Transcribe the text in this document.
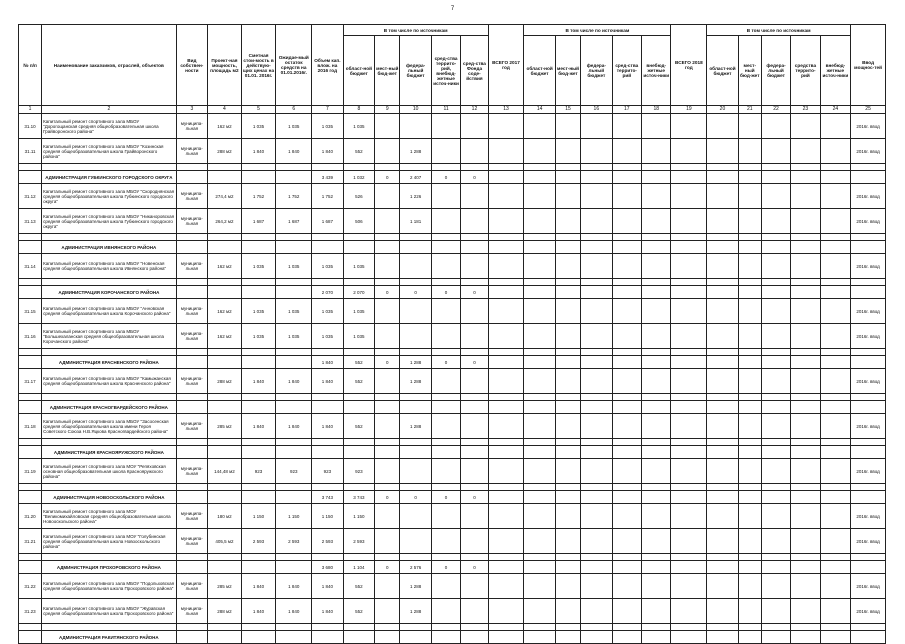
7
№ п/п	Наименование заказчиков, отраслей, объектов	Вид собствен-ности	Проект-ная мощность, площадь м2	Сметная стои-мость в действую-щих ценах на 01.01. 2016г.	Ожидае-мый остаток средств на 01.01.2016г.	Объем кап. влож. на 2016 год	В том числе по источникам					ВСЕГО 2017 год	В том числе по источникам					ВСЕГО 2018 год	В том числе по источникам					Ввод мощнос-тей
							област-ной бюджет	мест-ный бюд-жет	федера-льный бюджет	сред-ства террито-рий, внебюд-жетные источ-ники	сред-ства Фонда соде-йствия		област-ной бюджет	мест-ный бюд-жет	федера-льный бюджет	сред-ства террито-рий	внебюд-жетные источ-ники		област-ной бюджет	мест-ный бюд-жет	федера-льный бюджет	средства террито-рий	внебюд-жетные источ-ники	
1	2	3	4	5	6	7	8	9	10	11	12	13	14	15	16	17	18	19	20	21	22	23	24	25
31.10	Капитальный ремонт спортивного зала МБОУ "Дорогощанская средняя общеобразовательная школа Грайворонского района"	муниципа-льная	162 м2	1 035	1 035	1 035	1 035																	2016г. ввод
31.11	Капитальный ремонт спортивного зала МБОУ "Козинская средняя общеобразовательная школа Грайворонского района"	муниципа-льная	288 м2	1 840	1 840	1 840	552		1 288															2016г. ввод

	АДМИНИСТРАЦИЯ ГУБКИНСКОГО ГОРОДСКОГО ОКРУГА					3 439	1 032	0	2 407	0	0													
31.12	Капитальный ремонт спортивного зала МБОУ "Скороднянская средняя общеобразовательная школа Губкинского городского округа"	муниципа-льная	274,4 м2	1 752	1 752	1 752	526		1 226															2016г. ввод
31.13	Капитальный ремонт спортивного зала МБОУ "Никаноровская средняя общеобразовательная школа Губкинского городского округа"	муниципа-льная	264,2 м2	1 687	1 687	1 687	506		1 181															2016г. ввод

	АДМИНИСТРАЦИЯ ИВНЯНСКОГО РАЙОНА																							
31.14	Капитальный ремонт спортивного зала МБОУ "Новенская средняя общеобразовательная школа Ивнянского района"	муниципа-льная	162 м2	1 035	1 035	1 035	1 035																	2016г. ввод

	АДМИНИСТРАЦИЯ КОРОЧАНСКОГО РАЙОНА					2 070	2 070	0	0	0	0													
31.15	Капитальный ремонт спортивного зала МБОУ "Анновская средняя общеобразовательная школа Корочанского района"	муниципа-льная	162 м2	1 035	1 035	1 035	1 035																	2016г. ввод
31.16	Капитальный ремонт спортивного зала МБОУ "Большехаланская средняя общеобразовательная школа Корочанского района"	муниципа-льная	162 м2	1 035	1 035	1 035	1 035																	2016г. ввод

	АДМИНИСТРАЦИЯ КРАСНЕНСКОГО РАЙОНА					1 840	552	0	1 288	0	0													
31.17	Капитальный ремонт спортивного зала МБОУ "Камыжанская средняя общеобразовательная школа Красненского района"	муниципа-льная	288 м2	1 840	1 840	1 840	552		1 288															2016г. ввод

	АДМИНИСТРАЦИЯ КРАСНОГВАРДЕЙСКОГО РАЙОНА																							
31.18	Капитальный ремонт спортивного зала МБОУ "Засосенская средняя общеобразовательная школа имени Героя Советского Союза Н.В.Яцкова Красногвардейского района"	муниципа-льная	285 м2	1 840	1 840	1 840	552		1 288															2016г. ввод

	АДМИНИСТРАЦИЯ КРАСНОЯРУЖСКОГО РАЙОНА																							
31.19	Капитальный ремонт спортивного зала МОУ "Репяховская основная общеобразовательная школа Краснояружского района"	муниципа-льная	144,48 м2	923	923	923	923																	2016г. ввод

	АДМИНИСТРАЦИЯ НОВООСКОЛЬСКОГО РАЙОНА					3 743	3 743	0	0	0	0													
31.20	Капитальный ремонт спортивного зала МОУ "Великомихайловская средняя общеобразовательная школа Новооскольского района"	муниципа-льная	180 м2	1 150	1 150	1 150	1 150																	2016г. ввод
31.21	Капитальный ремонт спортивного зала МОУ "Голубинская средняя общеобразовательная школа Новооскольского района"	муниципа-льная	405,5 м2	2 593	2 593	2 593	2 593																	2016г. ввод

	АДМИНИСТРАЦИЯ ПРОХОРОВСКОГО РАЙОНА					3 680	1 104	0	2 576	0	0													
31.22	Капитальный ремонт спортивного зала МБОУ "Подольховская средняя общеобразовательная школа Прохоровского района"	муниципа-льная	285 м2	1 840	1 840	1 840	552		1 288															2016г. ввод
31.23	Капитальный ремонт спортивного зала МБОУ "Журавская средняя общеобразовательная школа Прохоровского района"	муниципа-льная	288 м2	1 840	1 840	1 840	552		1 288															2016г. ввод

	АДМИНИСТРАЦИЯ РАКИТЯНСКОГО РАЙОНА																							
